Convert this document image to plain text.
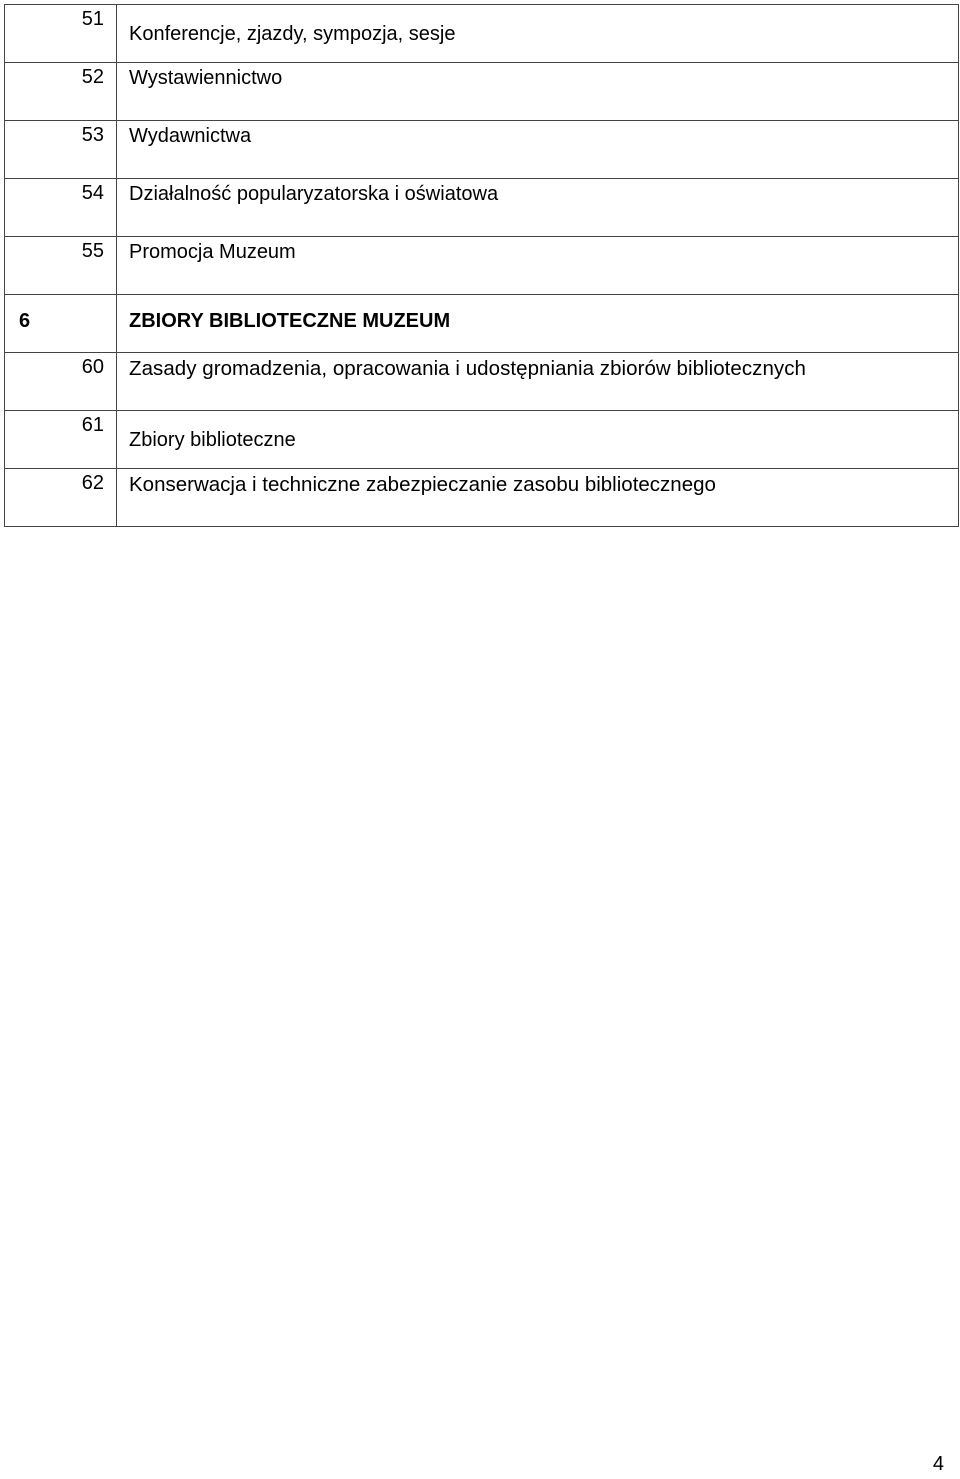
51	Konferencje, zjazdy, sympozja, sesje

52	Wystawiennictwo

53	Wydawnictwa

54	Działalność popularyzatorska i oświatowa

55	Promocja Muzeum

6	ZBIORY BIBLIOTECZNE MUZEUM

60	Zasady gromadzenia, opracowania i udostępniania zbiorów bibliotecznych

61	Zbiory biblioteczne

62	Konserwacja i techniczne zabezpieczanie zasobu bibliotecznego
4
